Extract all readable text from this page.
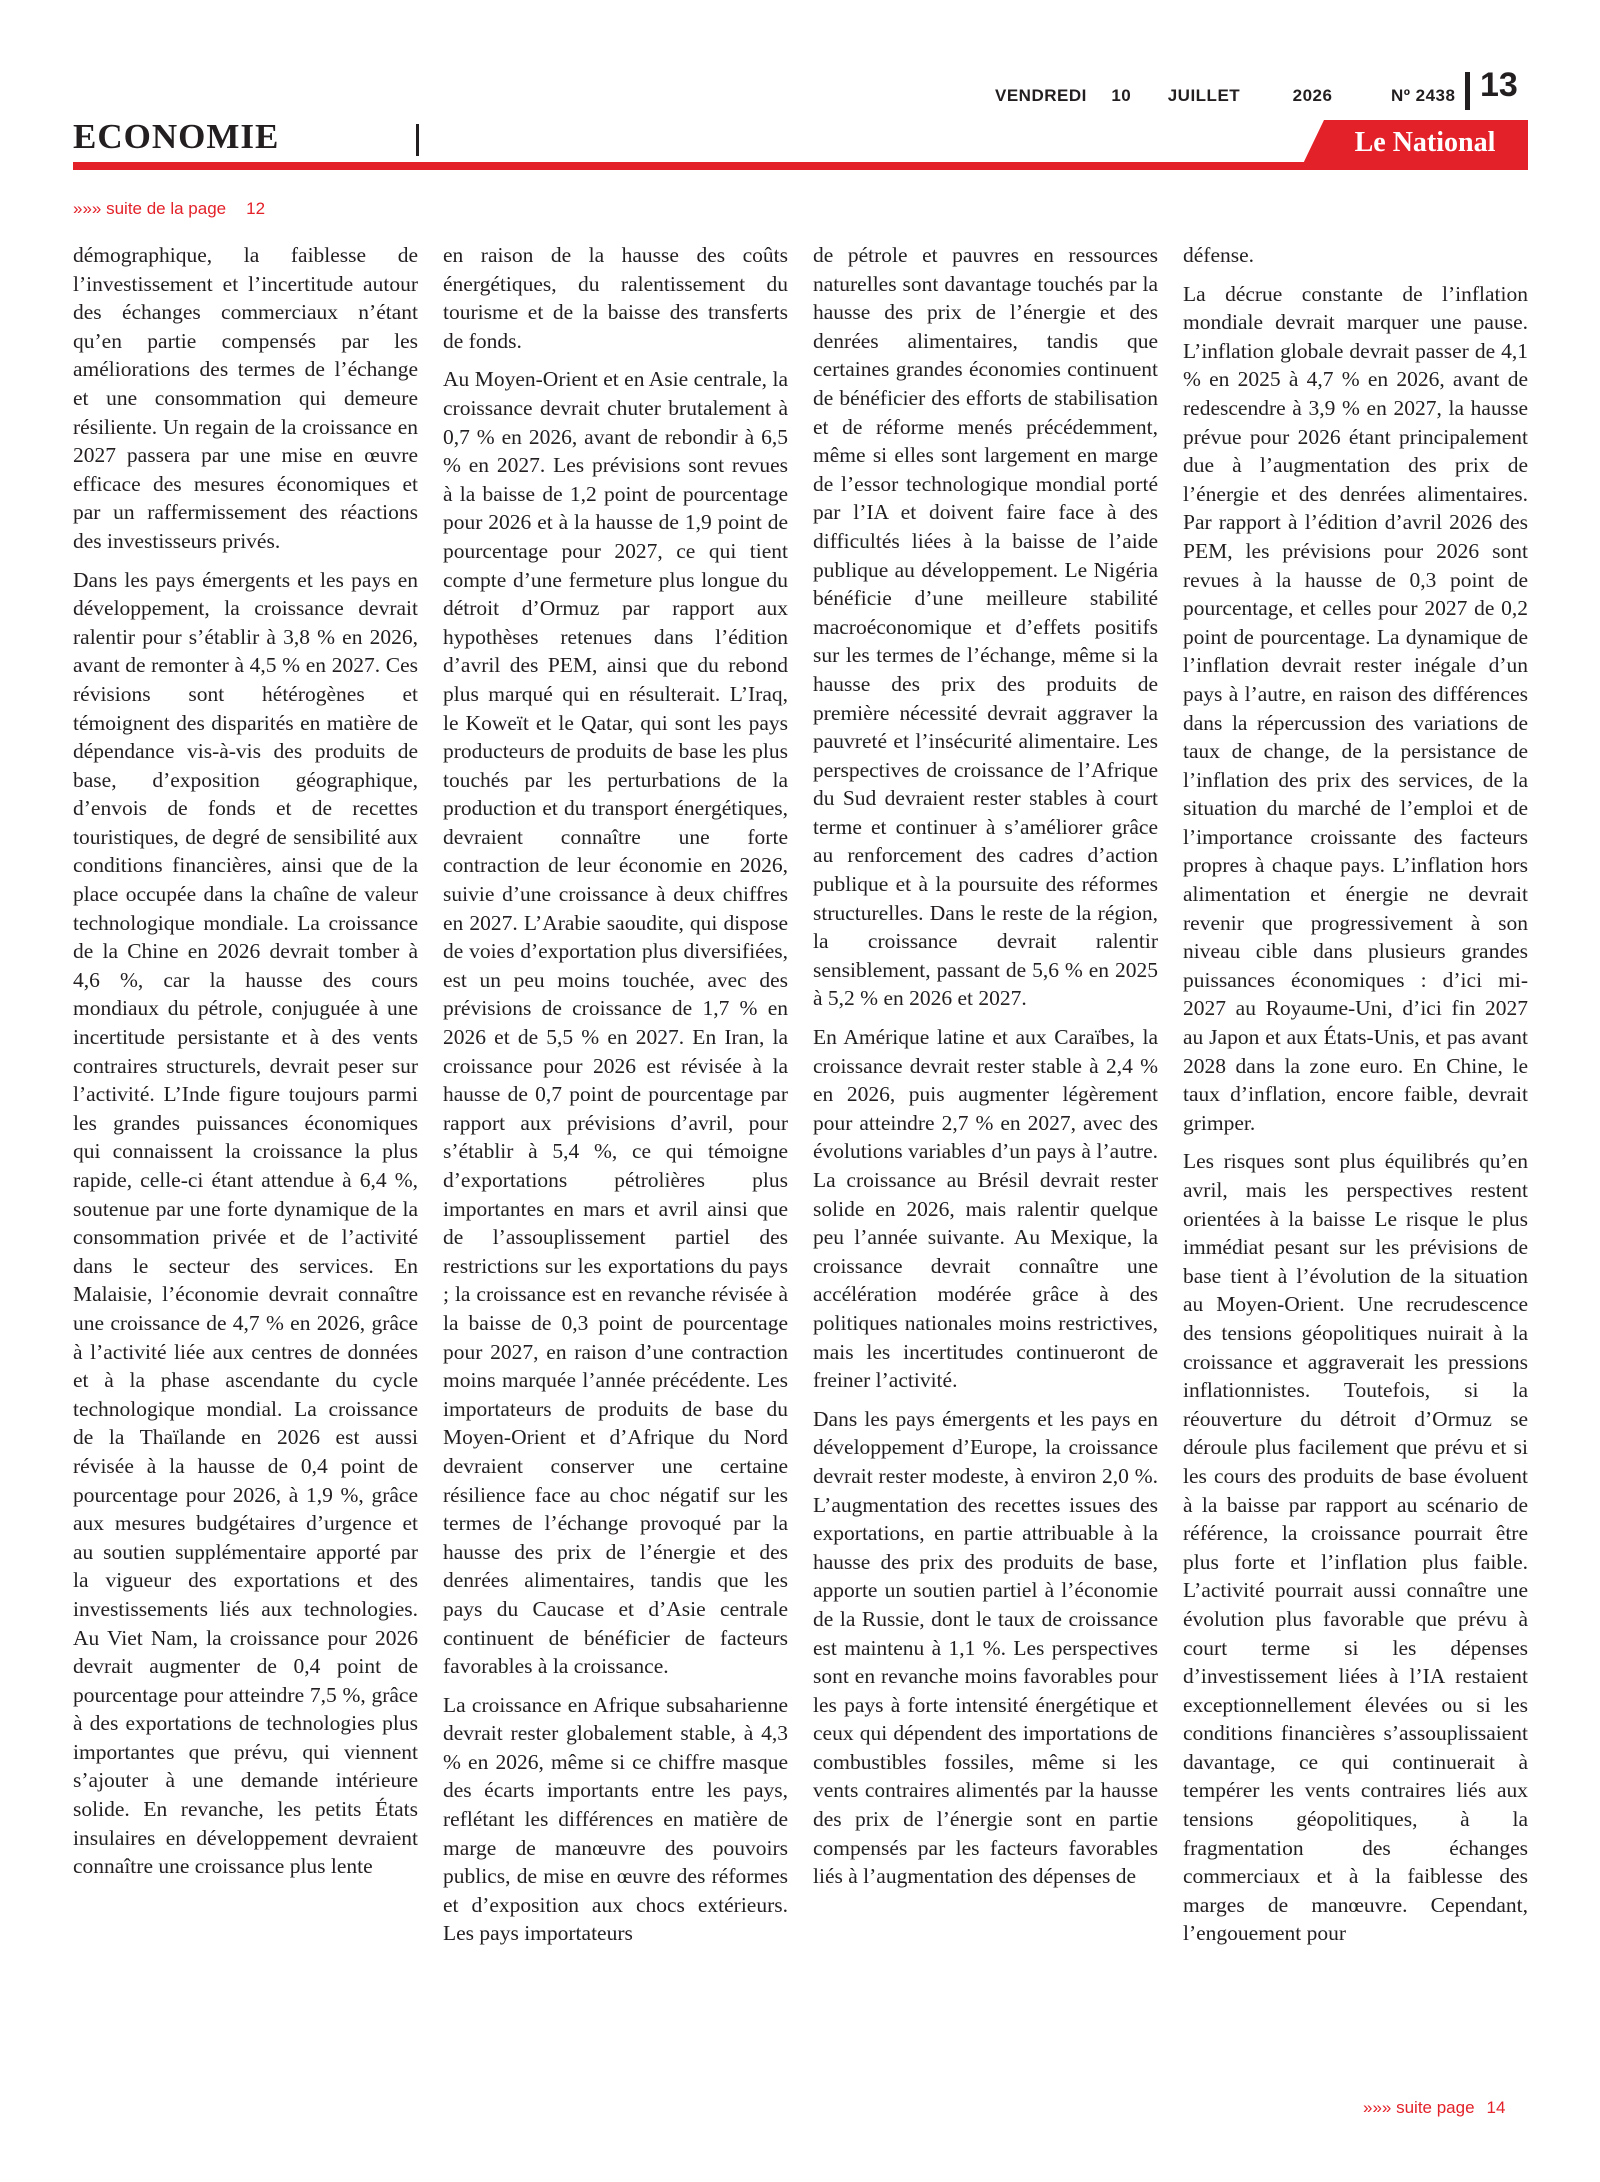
VENDREDI 10 JUILLET	2026	Nº 2438 13
ECONOMIE	Le National
»»» suite de la page 12

démographique, la faiblesse de l’investissement et l’incertitude autour des échanges commerciaux n’étant qu’en partie compensés par les améliorations des termes de l’échange et une consommation qui demeure résiliente. Un regain de la croissance en 2027 passera par une mise en œuvre efficace des mesures économiques et par un raffermissement des réactions des investisseurs privés.

Dans les pays émergents et les pays en développement, la croissance devrait ralentir pour s’établir à 3,8 % en 2026, avant de remonter à 4,5 % en 2027. Ces révisions sont hétérogènes et témoignent des disparités en matière de dépendance vis-à-vis des produits de base, d’exposition géographique, d’envois de fonds et de recettes touristiques, de degré de sensibilité aux conditions financières, ainsi que de la place occupée dans la chaîne de valeur technologique mondiale. La croissance de la Chine en 2026 devrait tomber à 4,6 %, car la hausse des cours mondiaux du pétrole, conjuguée à une incertitude persistante et à des vents contraires structurels, devrait peser sur l’activité. L’Inde figure toujours parmi les grandes puissances économiques qui connaissent la croissance la plus rapide, celle-ci étant attendue à 6,4 %, soutenue par une forte dynamique de la consommation privée et de l’activité dans le secteur des services. En Malaisie, l’économie devrait connaître une croissance de 4,7 % en 2026, grâce à l’activité liée aux centres de données et à la phase ascendante du cycle technologique mondial. La croissance de la Thaïlande en 2026 est aussi révisée à la hausse de 0,4 point de pourcentage pour 2026, à 1,9 %, grâce aux mesures budgétaires d’urgence et au soutien supplémentaire apporté par la vigueur des exportations et des investissements liés aux technologies. Au Viet Nam, la croissance pour 2026 devrait augmenter de 0,4 point de pourcentage pour atteindre 7,5 %, grâce à des exportations de technologies plus importantes que prévu, qui viennent s’ajouter à une demande intérieure solide. En revanche, les petits États insulaires en développement devraient connaître une croissance plus lente

en raison de la hausse des coûts énergétiques, du ralentissement du tourisme et de la baisse des transferts de fonds.

Au Moyen-Orient et en Asie centrale, la croissance devrait chuter brutalement à 0,7 % en 2026, avant de rebondir à 6,5 % en 2027. Les prévisions sont revues à la baisse de 1,2 point de pourcentage pour 2026 et à la hausse de 1,9 point de pourcentage pour 2027, ce qui tient compte d’une fermeture plus longue du détroit d’Ormuz par rapport aux hypothèses retenues dans l’édition d’avril des PEM, ainsi que du rebond plus marqué qui en résulterait. L’Iraq, le Koweït et le Qatar, qui sont les pays producteurs de produits de base les plus touchés par les perturbations de la production et du transport énergétiques, devraient connaître une forte contraction de leur économie en 2026, suivie d’une croissance à deux chiffres en 2027. L’Arabie saoudite, qui dispose de voies d’exportation plus diversifiées, est un peu moins touchée, avec des prévisions de croissance de 1,7 % en 2026 et de 5,5 % en 2027. En Iran, la croissance pour 2026 est révisée à la hausse de 0,7 point de pourcentage par rapport aux prévisions d’avril, pour s’établir à 5,4 %, ce qui témoigne d’exportations pétrolières plus importantes en mars et avril ainsi que de l’assouplissement partiel des restrictions sur les exportations du pays ; la croissance est en revanche révisée à la baisse de 0,3 point de pourcentage pour 2027, en raison d’une contraction moins marquée l’année précédente. Les importateurs de produits de base du Moyen-Orient et d’Afrique du Nord devraient conserver une certaine résilience face au choc négatif sur les termes de l’échange provoqué par la hausse des prix de l’énergie et des denrées alimentaires, tandis que les pays du Caucase et d’Asie centrale continuent de bénéficier de facteurs favorables à la croissance.

La croissance en Afrique subsaharienne devrait rester globalement stable, à 4,3 % en 2026, même si ce chiffre masque des écarts importants entre les pays, reflétant les différences en matière de marge de manœuvre des pouvoirs publics, de mise en œuvre des réformes et d’exposition aux chocs extérieurs. Les pays importateurs

de pétrole et pauvres en ressources naturelles sont davantage touchés par la hausse des prix de l’énergie et des denrées alimentaires, tandis que certaines grandes économies continuent de bénéficier des efforts de stabilisation et de réforme menés précédemment, même si elles sont largement en marge de l’essor technologique mondial porté par l’IA et doivent faire face à des difficultés liées à la baisse de l’aide publique au développement. Le Nigéria bénéficie d’une meilleure stabilité macroéconomique et d’effets positifs sur les termes de l’échange, même si la hausse des prix des produits de première nécessité devrait aggraver la pauvreté et l’insécurité alimentaire. Les perspectives de croissance de l’Afrique du Sud devraient rester stables à court terme et continuer à s’améliorer grâce au renforcement des cadres d’action publique et à la poursuite des réformes structurelles. Dans le reste de la région, la croissance devrait ralentir sensiblement, passant de 5,6 % en 2025 à 5,2 % en 2026 et 2027.

En Amérique latine et aux Caraïbes, la croissance devrait rester stable à 2,4 % en 2026, puis augmenter légèrement pour atteindre 2,7 % en 2027, avec des évolutions variables d’un pays à l’autre. La croissance au Brésil devrait rester solide en 2026, mais ralentir quelque peu l’année suivante. Au Mexique, la croissance devrait connaître une accélération modérée grâce à des politiques nationales moins restrictives, mais les incertitudes continueront de freiner l’activité.

Dans les pays émergents et les pays en développement d’Europe, la croissance devrait rester modeste, à environ 2,0 %. L’augmentation des recettes issues des exportations, en partie attribuable à la hausse des prix des produits de base, apporte un soutien partiel à l’économie de la Russie, dont le taux de croissance est maintenu à 1,1 %. Les perspectives sont en revanche moins favorables pour les pays à forte intensité énergétique et ceux qui dépendent des importations de combustibles fossiles, même si les vents contraires alimentés par la hausse des prix de l’énergie sont en partie compensés par les facteurs favorables liés à l’augmentation des dépenses de

défense.

La décrue constante de l’inflation mondiale devrait marquer une pause. L’inflation globale devrait passer de 4,1 % en 2025 à 4,7 % en 2026, avant de redescendre à 3,9 % en 2027, la hausse prévue pour 2026 étant principalement due à l’augmentation des prix de l’énergie et des denrées alimentaires. Par rapport à l’édition d’avril 2026 des PEM, les prévisions pour 2026 sont revues à la hausse de 0,3 point de pourcentage, et celles pour 2027 de 0,2 point de pourcentage. La dynamique de l’inflation devrait rester inégale d’un pays à l’autre, en raison des différences dans la répercussion des variations de taux de change, de la persistance de l’inflation des prix des services, de la situation du marché de l’emploi et de l’importance croissante des facteurs propres à chaque pays. L’inflation hors alimentation et énergie ne devrait revenir que progressivement à son niveau cible dans plusieurs grandes puissances économiques : d’ici mi-2027 au Royaume-Uni, d’ici fin 2027 au Japon et aux États-Unis, et pas avant 2028 dans la zone euro. En Chine, le taux d’inflation, encore faible, devrait grimper.

Les risques sont plus équilibrés qu’en avril, mais les perspectives restent orientées à la baisse Le risque le plus immédiat pesant sur les prévisions de base tient à l’évolution de la situation au Moyen-Orient. Une recrudescence des tensions géopolitiques nuirait à la croissance et aggraverait les pressions inflationnistes. Toutefois, si la réouverture du détroit d’Ormuz se déroule plus facilement que prévu et si les cours des produits de base évoluent à la baisse par rapport au scénario de référence, la croissance pourrait être plus forte et l’inflation plus faible. L’activité pourrait aussi connaître une évolution plus favorable que prévu à court terme si les dépenses d’investissement liées à l’IA restaient exceptionnellement élevées ou si les conditions financières s’assouplissaient davantage, ce qui continuerait à tempérer les vents contraires liés aux tensions géopolitiques, à la fragmentation des échanges commerciaux et à la faiblesse des marges de manœuvre. Cependant, l’engouement pour

»»» suite page 14
